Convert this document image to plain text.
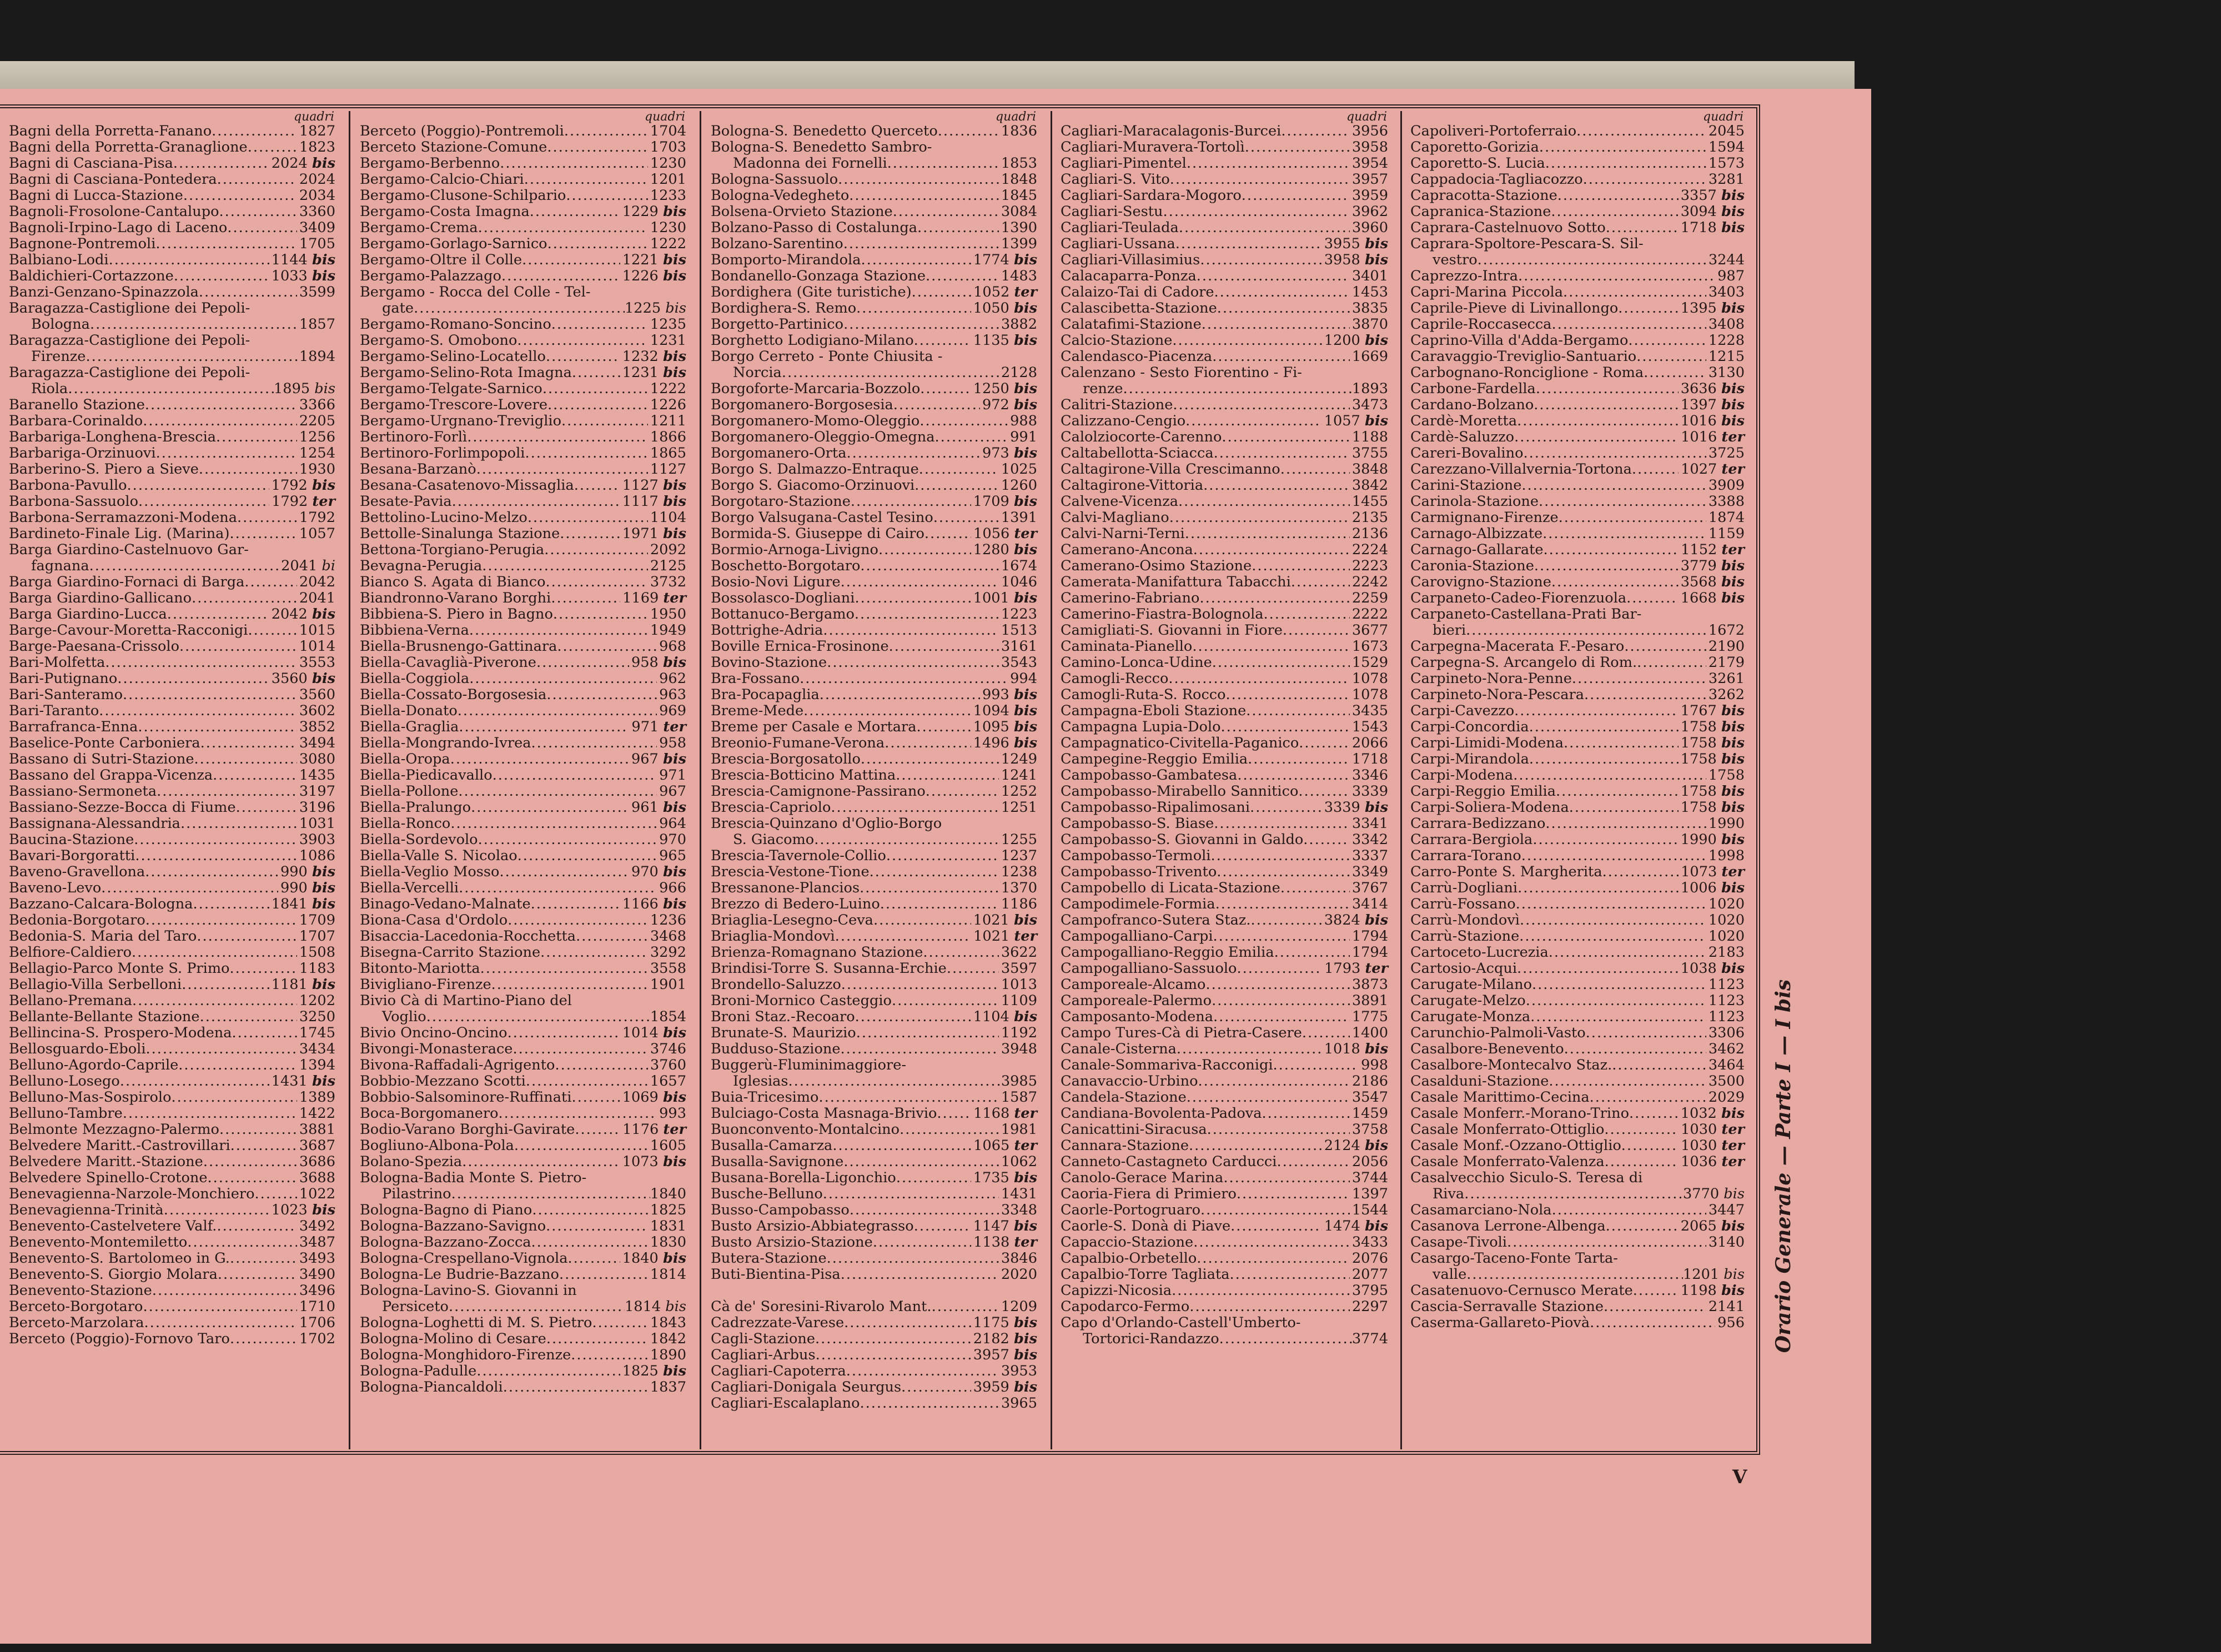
quadri
Bagni della Porretta-Fanano .....	1827
Bagni della Porretta-Granaglione .....	1823
Bagni di Casciana-Pisa .....	2024 bis
Bagni di Casciana-Pontedera .....	2024
Bagni di Lucca-Stazione .....	2034
Bagnoli-Frosolone-Cantalupo .....	3360
Bagnoli-Irpino-Lago di Laceno .....	3409
Bagnone-Pontremoli .....	1705
Balbiano-Lodi .....	1144 bis
Baldichieri-Cortazzone .....	1033 bis
Banzi-Genzano-Spinazzola .....	3599
Baragazza-Castiglione dei Pepoli-
Bologna .....	1857
Baragazza-Castiglione dei Pepoli-
Firenze .....	1894
Baragazza-Castiglione dei Pepoli-
Riola .....	1895 bis
Baranello Stazione .....	3366
Barbara-Corinaldo .....	2205
Barbariga-Longhena-Brescia .....	1256
Barbariga-Orzinuovi .....	1254
Barberino-S. Piero a Sieve .....	1930
Barbona-Pavullo .....	1792 bis
Barbona-Sassuolo .....	1792 ter
Barbona-Serramazzoni-Modena .....	1792
Bardineto-Finale Lig. (Marina) .....	1057
Barga Giardino-Castelnuovo Gar-
fagnana .....	2041 bi
Barga Giardino-Fornaci di Barga .....	2042
Barga Giardino-Gallicano .....	2041
Barga Giardino-Lucca .....	2042 bis
Barge-Cavour-Moretta-Racconigi .....	1015
Barge-Paesana-Crissolo .....	1014
Bari-Molfetta .....	3553
Bari-Putignano .....	3560 bis
Bari-Santeramo .....	3560
Bari-Taranto .....	3602
Barrafranca-Enna .....	3852
Baselice-Ponte Carboniera .....	3494
Bassano di Sutri-Stazione .....	3080
Bassano del Grappa-Vicenza .....	1435
Bassiano-Sermoneta .....	3197
Bassiano-Sezze-Bocca di Fiume .....	3196
Bassignana-Alessandria .....	1031
Baucina-Stazione .....	3903
Bavari-Borgoratti .....	1086
Baveno-Gravellona .....	990 bis
Baveno-Levo .....	990 bis
Bazzano-Calcara-Bologna .....	1841 bis
Bedonia-Borgotaro .....	1709
Bedonia-S. Maria del Taro .....	1707
Belfiore-Caldiero .....	1508
Bellagio-Parco Monte S. Primo .....	1183
Bellagio-Villa Serbelloni .....	1181 bis
Bellano-Premana .....	1202
Bellante-Bellante Stazione .....	3250
Bellincina-S. Prospero-Modena .....	1745
Bellosguardo-Eboli .....	3434
Belluno-Agordo-Caprile .....	1394
Belluno-Losego .....	1431 bis
Belluno-Mas-Sospirolo .....	1389
Belluno-Tambre .....	1422
Belmonte Mezzagno-Palermo .....	3881
Belvedere Maritt.-Castrovillari .....	3687
Belvedere Maritt.-Stazione .....	3686
Belvedere Spinello-Crotone .....	3688
Benevagienna-Narzole-Monchiero .....	1022
Benevagienna-Trinità .....	1023 bis
Benevento-Castelvetere Valf. .....	3492
Benevento-Montemiletto .....	3487
Benevento-S. Bartolomeo in G. .....	3493
Benevento-S. Giorgio Molara .....	3490
Benevento-Stazione .....	3496
Berceto-Borgotaro .....	1710
Berceto-Marzolara .....	1706
Berceto (Poggio)-Fornovo Taro .....	1702
quadri
Berceto (Poggio)-Pontremoli .....	1704
Berceto Stazione-Comune .....	1703
Bergamo-Berbenno .....	1230
Bergamo-Calcio-Chiari .....	1201
Bergamo-Clusone-Schilpario .....	1233
Bergamo-Costa Imagna .....	1229 bis
Bergamo-Crema .....	1230
Bergamo-Gorlago-Sarnico .....	1222
Bergamo-Oltre il Colle .....	1221 bis
Bergamo-Palazzago .....	1226 bis
Bergamo - Rocca del Colle - Tel-
gate .....	1225 bis
Bergamo-Romano-Soncino .....	1235
Bergamo-S. Omobono .....	1231
Bergamo-Selino-Locatello .....	1232 bis
Bergamo-Selino-Rota Imagna .....	1231 bis
Bergamo-Telgate-Sarnico .....	1222
Bergamo-Trescore-Lovere .....	1226
Bergamo-Urgnano-Treviglio .....	1211
Bertinoro-Forlì .....	1866
Bertinoro-Forlimpopoli .....	1865
Besana-Barzanò .....	1127
Besana-Casatenovo-Missaglia .....	1127 bis
Besate-Pavia .....	1117 bis
Bettolino-Lucino-Melzo .....	1104
Bettolle-Sinalunga Stazione .....	1971 bis
Bettona-Torgiano-Perugia .....	2092
Bevagna-Perugia .....	2125
Bianco S. Agata di Bianco .....	3732
Biandronno-Varano Borghi .....	1169 ter
Bibbiena-S. Piero in Bagno .....	1950
Bibbiena-Verna .....	1949
Biella-Brusnengo-Gattinara .....	968
Biella-Cavaglià-Piverone .....	958 bis
Biella-Coggiola .....	962
Biella-Cossato-Borgosesia .....	963
Biella-Donato .....	969
Biella-Graglia .....	971 ter
Biella-Mongrando-Ivrea .....	958
Biella-Oropa .....	967 bis
Biella-Piedicavallo .....	971
Biella-Pollone .....	967
Biella-Pralungo .....	961 bis
Biella-Ronco .....	964
Biella-Sordevolo .....	970
Biella-Valle S. Nicolao .....	965
Biella-Veglio Mosso .....	970 bis
Biella-Vercelli .....	966
Binago-Vedano-Malnate .....	1166 bis
Biona-Casa d'Ordolo .....	1236
Bisaccia-Lacedonia-Rocchetta .....	3468
Bisegna-Carrito Stazione .....	3292
Bitonto-Mariotta .....	3558
Bivigliano-Firenze .....	1901
Bivio Cà di Martino-Piano del
Voglio .....	1854
Bivio Oncino-Oncino .....	1014 bis
Bivongi-Monasterace .....	3746
Bivona-Raffadali-Agrigento .....	3760
Bobbio-Mezzano Scotti .....	1657
Bobbio-Salsominore-Ruffinati .....	1069 bis
Boca-Borgomanero .....	993
Bodio-Varano Borghi-Gavirate .....	1176 ter
Bogliuno-Albona-Pola .....	1605
Bolano-Spezia .....	1073 bis
Bologna-Badia Monte S. Pietro-
Pilastrino .....	1840
Bologna-Bagno di Piano .....	1825
Bologna-Bazzano-Savigno .....	1831
Bologna-Bazzano-Zocca .....	1830
Bologna-Crespellano-Vignola .....	1840 bis
Bologna-Le Budrie-Bazzano .....	1814
Bologna-Lavino-S. Giovanni in
Persiceto .....	1814 bis
Bologna-Loghetti di M. S. Pietro .....	1843
Bologna-Molino di Cesare .....	1842
Bologna-Monghidoro-Firenze .....	1890
Bologna-Padulle .....	1825 bis
Bologna-Piancaldoli .....	1837
quadri
Bologna-S. Benedetto Querceto .....	1836
Bologna-S. Benedetto Sambro-
Madonna dei Fornelli .....	1853
Bologna-Sassuolo .....	1848
Bologna-Vedegheto .....	1845
Bolsena-Orvieto Stazione .....	3084
Bolzano-Passo di Costalunga .....	1390
Bolzano-Sarentino .....	1399
Bomporto-Mirandola .....	1774 bis
Bondanello-Gonzaga Stazione .....	1483
Bordighera (Gite turistiche) .....	1052 ter
Bordighera-S. Remo .....	1050 bis
Borgetto-Partinico .....	3882
Borghetto Lodigiano-Milano .....	1135 bis
Borgo Cerreto - Ponte Chiusita -
Norcia .....	2128
Borgoforte-Marcaria-Bozzolo .....	1250 bis
Borgomanero-Borgosesia .....	972 bis
Borgomanero-Momo-Oleggio .....	988
Borgomanero-Oleggio-Omegna .....	991
Borgomanero-Orta .....	973 bis
Borgo S. Dalmazzo-Entraque .....	1025
Borgo S. Giacomo-Orzinuovi .....	1260
Borgotaro-Stazione .....	1709 bis
Borgo Valsugana-Castel Tesino .....	1391
Bormida-S. Giuseppe di Cairo .....	1056 ter
Bormio-Arnoga-Livigno .....	1280 bis
Boschetto-Borgotaro .....	1674
Bosio-Novi Ligure .....	1046
Bossolasco-Dogliani .....	1001 bis
Bottanuco-Bergamo .....	1223
Bottrighe-Adria .....	1513
Boville Ernica-Frosinone .....	3161
Bovino-Stazione .....	3543
Bra-Fossano .....	994
Bra-Pocapaglia .....	993 bis
Breme-Mede .....	1094 bis
Breme per Casale e Mortara .....	1095 bis
Breonio-Fumane-Verona .....	1496 bis
Brescia-Borgosatollo .....	1249
Brescia-Botticino Mattina .....	1241
Brescia-Camignone-Passirano .....	1252
Brescia-Capriolo .....	1251
Brescia-Quinzano d'Oglio-Borgo
S. Giacomo .....	1255
Brescia-Tavernole-Collio .....	1237
Brescia-Vestone-Tione .....	1238
Bressanone-Plancios .....	1370
Brezzo di Bedero-Luino .....	1186
Briaglia-Lesegno-Ceva .....	1021 bis
Briaglia-Mondovì .....	1021 ter
Brienza-Romagnano Stazione .....	3622
Brindisi-Torre S. Susanna-Erchie .....	3597
Brondello-Saluzzo .....	1013
Broni-Mornico Casteggio .....	1109
Broni Staz.-Recoaro .....	1104 bis
Brunate-S. Maurizio .....	1192
Budduso-Stazione .....	3948
Buggerù-Fluminimaggiore-
Iglesias .....	3985
Buia-Tricesimo .....	1587
Bulciago-Costa Masnaga-Brivio .....	1168 ter
Buonconvento-Montalcino .....	1981
Busalla-Camarza .....	1065 ter
Busalla-Savignone .....	1062
Busana-Borella-Ligonchio .....	1735 bis
Busche-Belluno .....	1431
Busso-Campobasso .....	3348
Busto Arsizio-Abbiategrasso .....	1147 bis
Busto Arsizio-Stazione .....	1138 ter
Butera-Stazione .....	3846
Buti-Bientina-Pisa .....	2020
Cà de' Soresini-Rivarolo Mant. .....	1209
Cadrezzate-Varese .....	1175 bis
Cagli-Stazione .....	2182 bis
Cagliari-Arbus .....	3957 bis
Cagliari-Capoterra .....	3953
Cagliari-Donigala Seurgus .....	3959 bis
Cagliari-Escalaplano .....	3965
quadri
Cagliari-Maracalagonis-Burcei .....	3956
Cagliari-Muravera-Tortolì .....	3958
Cagliari-Pimentel .....	3954
Cagliari-S. Vito .....	3957
Cagliari-Sardara-Mogoro .....	3959
Cagliari-Sestu .....	3962
Cagliari-Teulada .....	3960
Cagliari-Ussana .....	3955 bis
Cagliari-Villasimius .....	3958 bis
Calacaparra-Ponza .....	3401
Calaizo-Tai di Cadore .....	1453
Calascibetta-Stazione .....	3835
Calatafimi-Stazione .....	3870
Calcio-Stazione .....	1200 bis
Calendasco-Piacenza .....	1669
Calenzano - Sesto Fiorentino - Fi-
renze .....	1893
Calitri-Stazione .....	3473
Calizzano-Cengio .....	1057 bis
Calolziocorte-Carenno .....	1188
Caltabellotta-Sciacca .....	3755
Caltagirone-Villa Crescimanno .....	3848
Caltagirone-Vittoria .....	3842
Calvene-Vicenza .....	1455
Calvi-Magliano .....	2135
Calvi-Narni-Terni .....	2136
Camerano-Ancona .....	2224
Camerano-Osimo Stazione .....	2223
Camerata-Manifattura Tabacchi .....	2242
Camerino-Fabriano .....	2259
Camerino-Fiastra-Bolognola .....	2222
Camigliati-S. Giovanni in Fiore .....	3677
Caminata-Pianello .....	1673
Camino-Lonca-Udine .....	1529
Camogli-Recco .....	1078
Camogli-Ruta-S. Rocco .....	1078
Campagna-Eboli Stazione .....	3435
Campagna Lupia-Dolo .....	1543
Campagnatico-Civitella-Paganico .....	2066
Campegine-Reggio Emilia .....	1718
Campobasso-Gambatesa .....	3346
Campobasso-Mirabello Sannitico .....	3339
Campobasso-Ripalimosani .....	3339 bis
Campobasso-S. Biase .....	3341
Campobasso-S. Giovanni in Galdo .....	3342
Campobasso-Termoli .....	3337
Campobasso-Trivento .....	3349
Campobello di Licata-Stazione .....	3767
Campodimele-Formia .....	3414
Campofranco-Sutera Staz. .....	3824 bis
Campogalliano-Carpi .....	1794
Campogalliano-Reggio Emilia .....	1794
Campogalliano-Sassuolo .....	1793 ter
Camporeale-Alcamo .....	3873
Camporeale-Palermo .....	3891
Camposanto-Modena .....	1775
Campo Tures-Cà di Pietra-Casere .....	1400
Canale-Cisterna .....	1018 bis
Canale-Sommariva-Racconigi .....	998
Canavaccio-Urbino .....	2186
Candela-Stazione .....	3547
Candiana-Bovolenta-Padova .....	1459
Canicattini-Siracusa .....	3758
Cannara-Stazione .....	2124 bis
Canneto-Castagneto Carducci .....	2056
Canolo-Gerace Marina .....	3744
Caoria-Fiera di Primiero .....	1397
Caorle-Portogruaro .....	1544
Caorle-S. Donà di Piave .....	1474 bis
Capaccio-Stazione .....	3433
Capalbio-Orbetello .....	2076
Capalbio-Torre Tagliata .....	2077
Capizzi-Nicosia .....	3795
Capodarco-Fermo .....	2297
Capo d'Orlando-Castell'Umberto-
Tortorici-Randazzo .....	3774
quadri
Capoliveri-Portoferraio .....	2045
Caporetto-Gorizia .....	1594
Caporetto-S. Lucia .....	1573
Cappadocia-Tagliacozzo .....	3281
Capracotta-Stazione .....	3357 bis
Capranica-Stazione .....	3094 bis
Caprara-Castelnuovo Sotto .....	1718 bis
Caprara-Spoltore-Pescara-S. Sil-
vestro .....	3244
Caprezzo-Intra .....	987
Capri-Marina Piccola .....	3403
Caprile-Pieve di Livinallongo .....	1395 bis
Caprile-Roccasecca .....	3408
Caprino-Villa d'Adda-Bergamo .....	1228
Caravaggio-Treviglio-Santuario .....	1215
Carbognano-Ronciglione - Roma .....	3130
Carbone-Fardella .....	3636 bis
Cardano-Bolzano .....	1397 bis
Cardè-Moretta .....	1016 bis
Cardè-Saluzzo .....	1016 ter
Careri-Bovalino .....	3725
Carezzano-Villalvernia-Tortona .....	1027 ter
Carini-Stazione .....	3909
Carinola-Stazione .....	3388
Carmignano-Firenze .....	1874
Carnago-Albizzate .....	1159
Carnago-Gallarate .....	1152 ter
Caronia-Stazione .....	3779 bis
Carovigno-Stazione .....	3568 bis
Carpaneto-Cadeo-Fiorenzuola .....	1668 bis
Carpaneto-Castellana-Prati Bar-
bieri .....	1672
Carpegna-Macerata F.-Pesaro .....	2190
Carpegna-S. Arcangelo di Rom. .....	2179
Carpineto-Nora-Penne .....	3261
Carpineto-Nora-Pescara .....	3262
Carpi-Cavezzo .....	1767 bis
Carpi-Concordia .....	1758 bis
Carpi-Limidi-Modena .....	1758 bis
Carpi-Mirandola .....	1758 bis
Carpi-Modena .....	1758
Carpi-Reggio Emilia .....	1758 bis
Carpi-Soliera-Modena .....	1758 bis
Carrara-Bedizzano .....	1990
Carrara-Bergiola .....	1990 bis
Carrara-Torano .....	1998
Carro-Ponte S. Margherita .....	1073 ter
Carrù-Dogliani .....	1006 bis
Carrù-Fossano .....	1020
Carrù-Mondovì .....	1020
Carrù-Stazione .....	1020
Cartoceto-Lucrezia .....	2183
Cartosio-Acqui .....	1038 bis
Carugate-Milano .....	1123
Carugate-Melzo .....	1123
Carugate-Monza .....	1123
Carunchio-Palmoli-Vasto .....	3306
Casalbore-Benevento .....	3462
Casalbore-Montecalvo Staz. .....	3464
Casalduni-Stazione .....	3500
Casale Marittimo-Cecina .....	2029
Casale Monferr.-Morano-Trino .....	1032 bis
Casale Monferrato-Ottiglio .....	1030 ter
Casale Monf.-Ozzano-Ottiglio .....	1030 ter
Casale Monferrato-Valenza .....	1036 ter
Casalvecchio Siculo-S. Teresa di
Riva .....	3770 bis
Casamarciano-Nola .....	3447
Casanova Lerrone-Albenga .....	2065 bis
Casape-Tivoli .....	3140
Casargo-Taceno-Fonte Tarta-
valle .....	1201 bis
Casatenuovo-Cernusco Merate .....	1198 bis
Cascia-Serravalle Stazione .....	2141
Caserma-Gallareto-Piovà .....	956 Orario Generale — Parte I — I bis
V
